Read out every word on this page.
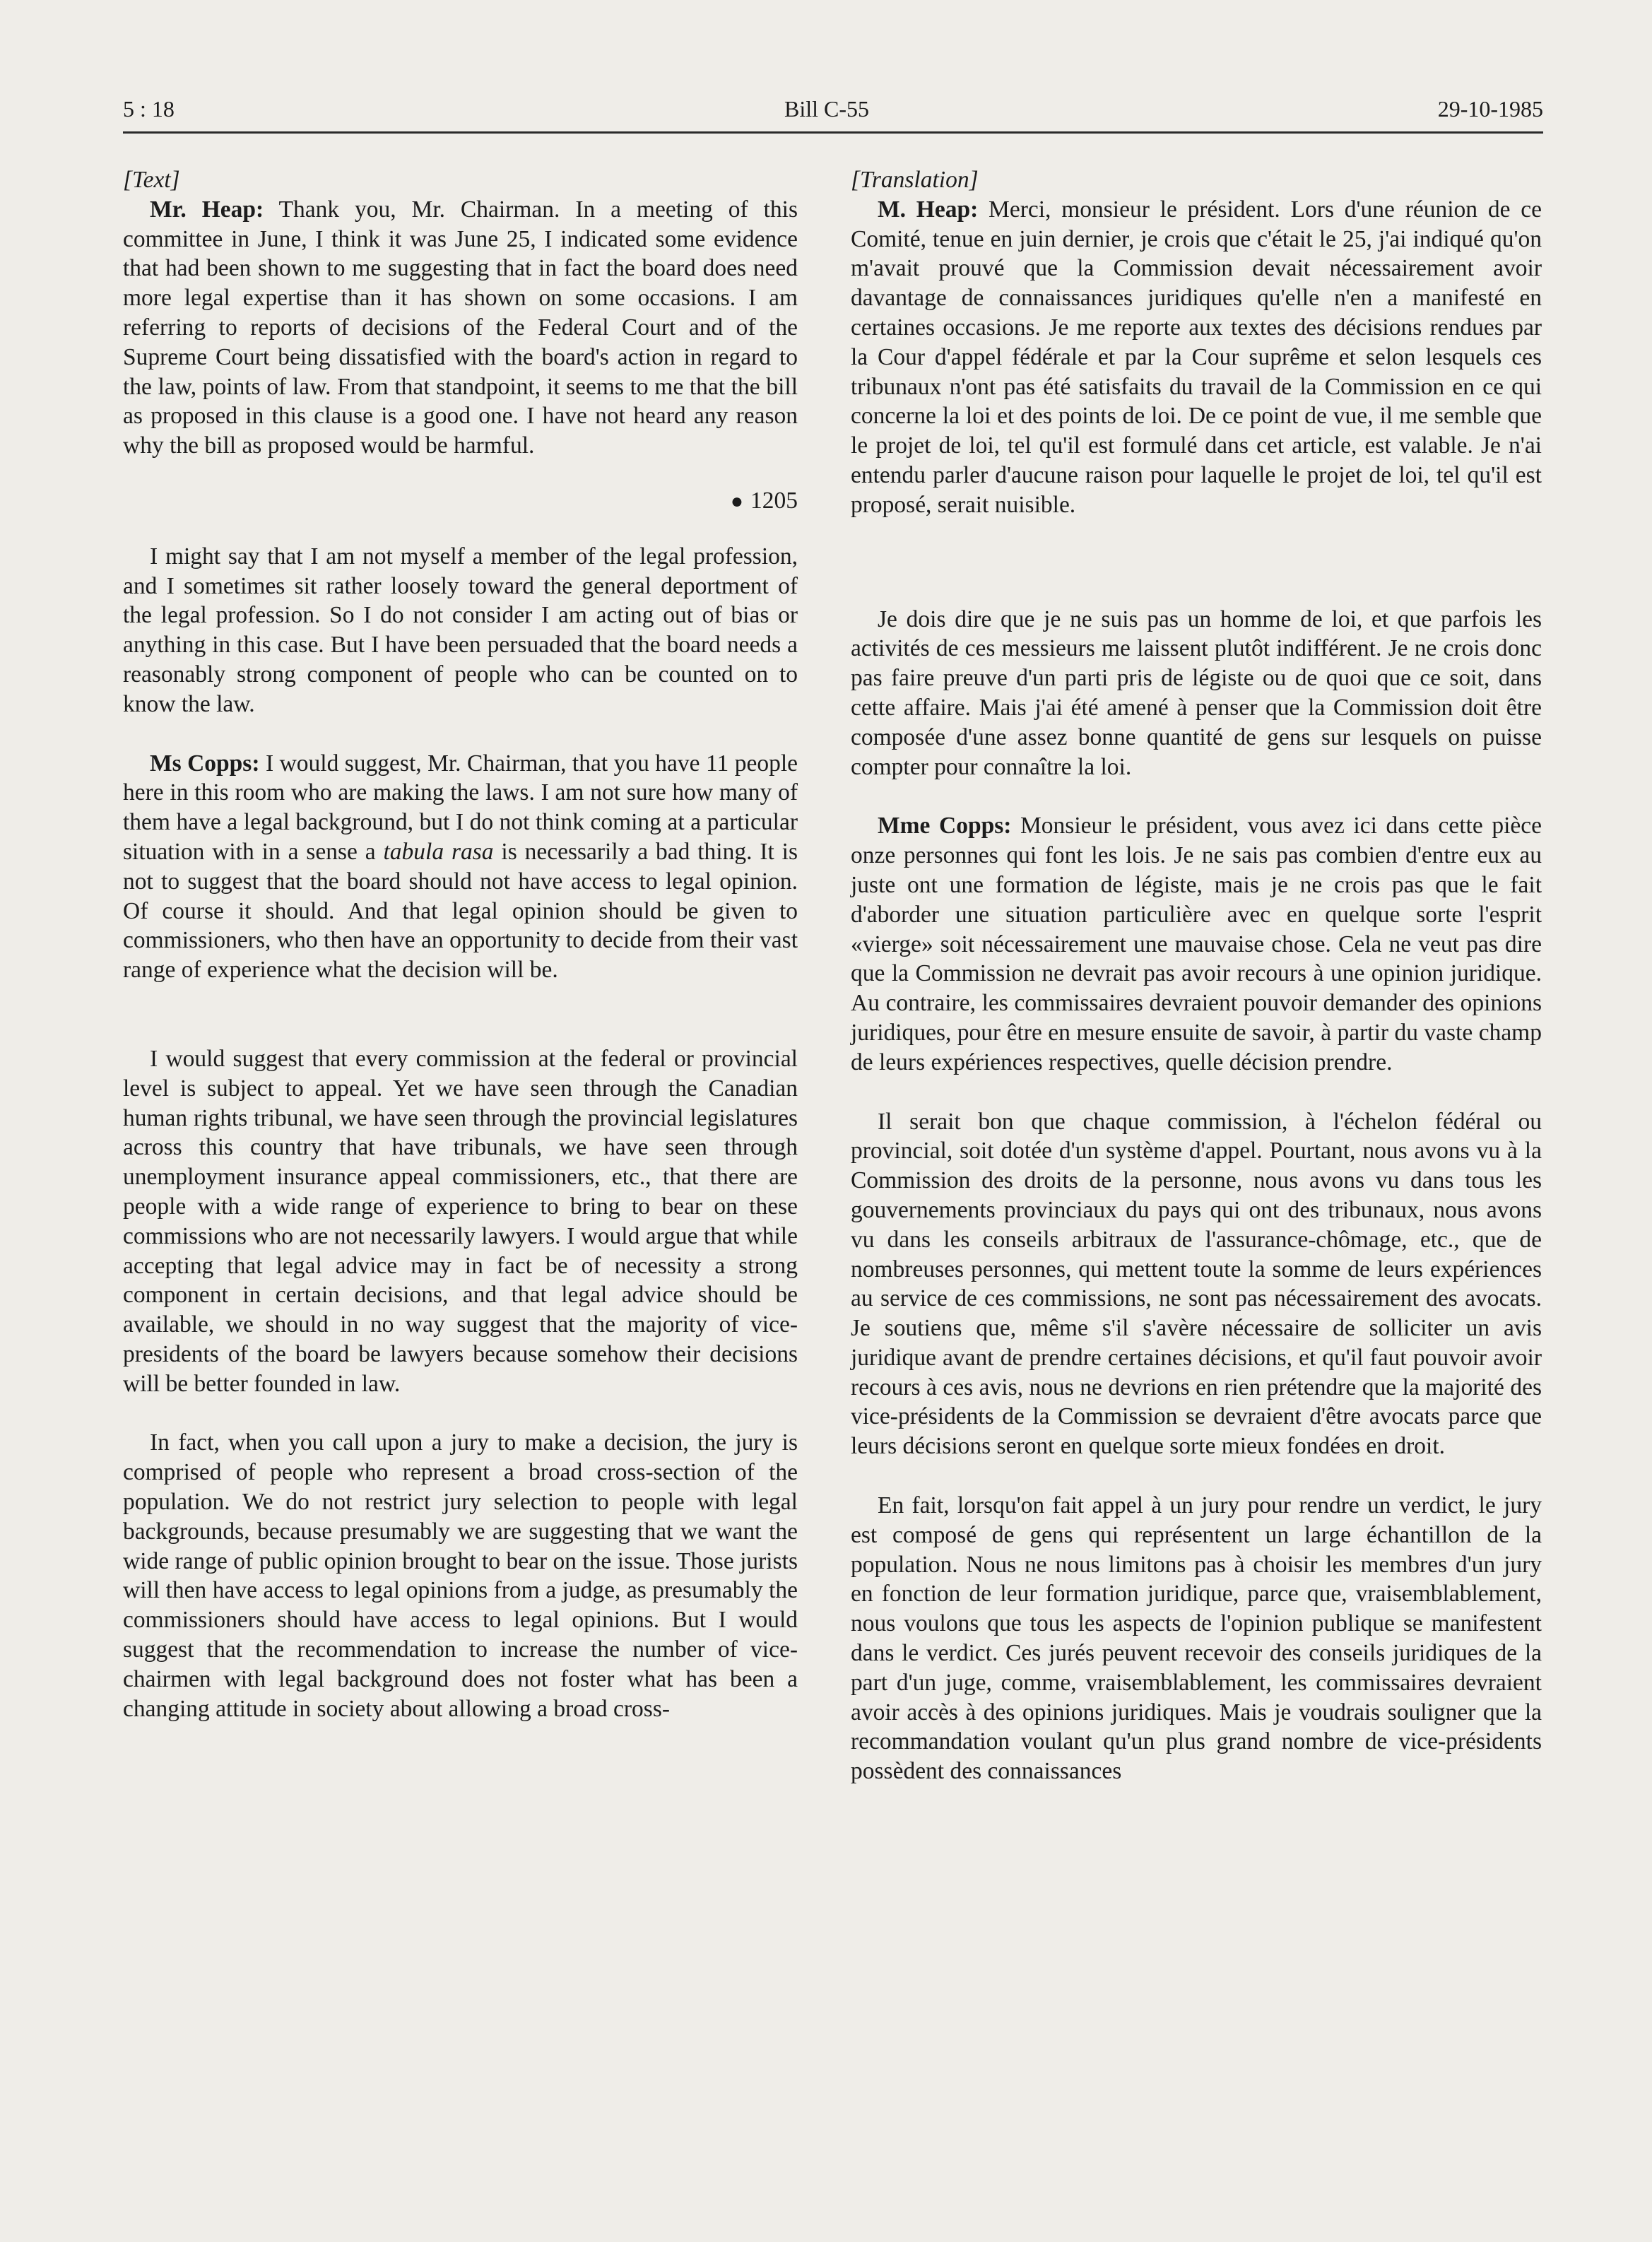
5 : 18	Bill C-55	29-10-1985

[Text]

Mr. Heap: Thank you, Mr. Chairman. In a meeting of this committee in June, I think it was June 25, I indicated some evidence that had been shown to me suggesting that in fact the board does need more legal expertise than it has shown on some occasions. I am referring to reports of decisions of the Federal Court and of the Supreme Court being dissatisfied with the board's action in regard to the law, points of law. From that standpoint, it seems to me that the bill as proposed in this clause is a good one. I have not heard any reason why the bill as proposed would be harmful.

● 1205

I might say that I am not myself a member of the legal profession, and I sometimes sit rather loosely toward the general deportment of the legal profession. So I do not consider I am acting out of bias or anything in this case. But I have been persuaded that the board needs a reasonably strong component of people who can be counted on to know the law.

Ms Copps: I would suggest, Mr. Chairman, that you have 11 people here in this room who are making the laws. I am not sure how many of them have a legal background, but I do not think coming at a particular situation with in a sense a tabula rasa is necessarily a bad thing. It is not to suggest that the board should not have access to legal opinion. Of course it should. And that legal opinion should be given to commissioners, who then have an opportunity to decide from their vast range of experience what the decision will be.

I would suggest that every commission at the federal or provincial level is subject to appeal. Yet we have seen through the Canadian human rights tribunal, we have seen through the provincial legislatures across this country that have tribunals, we have seen through unemployment insurance appeal commissioners, etc., that there are people with a wide range of experience to bring to bear on these commissions who are not necessarily lawyers. I would argue that while accepting that legal advice may in fact be of necessity a strong component in certain decisions, and that legal advice should be available, we should in no way suggest that the majority of vice-presidents of the board be lawyers because somehow their decisions will be better founded in law.

In fact, when you call upon a jury to make a decision, the jury is comprised of people who represent a broad cross-section of the population. We do not restrict jury selection to people with legal backgrounds, because presumably we are suggesting that we want the wide range of public opinion brought to bear on the issue. Those jurists will then have access to legal opinions from a judge, as presumably the commissioners should have access to legal opinions. But I would suggest that the recommendation to increase the number of vice-chairmen with legal background does not foster what has been a changing attitude in society about allowing a broad cross-

[Translation]

M. Heap: Merci, monsieur le président. Lors d'une réunion de ce Comité, tenue en juin dernier, je crois que c'était le 25, j'ai indiqué qu'on m'avait prouvé que la Commission devait nécessairement avoir davantage de connaissances juridiques qu'elle n'en a manifesté en certaines occasions. Je me reporte aux textes des décisions rendues par la Cour d'appel fédérale et par la Cour suprême et selon lesquels ces tribunaux n'ont pas été satisfaits du travail de la Commission en ce qui concerne la loi et des points de loi. De ce point de vue, il me semble que le projet de loi, tel qu'il est formulé dans cet article, est valable. Je n'ai entendu parler d'aucune raison pour laquelle le projet de loi, tel qu'il est proposé, serait nuisible.

Je dois dire que je ne suis pas un homme de loi, et que parfois les activités de ces messieurs me laissent plutôt indifférent. Je ne crois donc pas faire preuve d'un parti pris de légiste ou de quoi que ce soit, dans cette affaire. Mais j'ai été amené à penser que la Commission doit être composée d'une assez bonne quantité de gens sur lesquels on puisse compter pour connaître la loi.

Mme Copps: Monsieur le président, vous avez ici dans cette pièce onze personnes qui font les lois. Je ne sais pas combien d'entre eux au juste ont une formation de légiste, mais je ne crois pas que le fait d'aborder une situation particulière avec en quelque sorte l'esprit «vierge» soit nécessairement une mauvaise chose. Cela ne veut pas dire que la Commission ne devrait pas avoir recours à une opinion juridique. Au contraire, les commissaires devraient pouvoir demander des opinions juridiques, pour être en mesure ensuite de savoir, à partir du vaste champ de leurs expériences respectives, quelle décision prendre.

Il serait bon que chaque commission, à l'échelon fédéral ou provincial, soit dotée d'un système d'appel. Pourtant, nous avons vu à la Commission des droits de la personne, nous avons vu dans tous les gouvernements provinciaux du pays qui ont des tribunaux, nous avons vu dans les conseils arbitraux de l'assurance-chômage, etc., que de nombreuses personnes, qui mettent toute la somme de leurs expériences au service de ces commissions, ne sont pas nécessairement des avocats. Je soutiens que, même s'il s'avère nécessaire de solliciter un avis juridique avant de prendre certaines décisions, et qu'il faut pouvoir avoir recours à ces avis, nous ne devrions en rien prétendre que la majorité des vice-présidents de la Commission se devraient d'être avocats parce que leurs décisions seront en quelque sorte mieux fondées en droit.

En fait, lorsqu'on fait appel à un jury pour rendre un verdict, le jury est composé de gens qui représentent un large échantillon de la population. Nous ne nous limitons pas à choisir les membres d'un jury en fonction de leur formation juridique, parce que, vraisemblablement, nous voulons que tous les aspects de l'opinion publique se manifestent dans le verdict. Ces jurés peuvent recevoir des conseils juridiques de la part d'un juge, comme, vraisemblablement, les commissaires devraient avoir accès à des opinions juridiques. Mais je voudrais souligner que la recommandation voulant qu'un plus grand nombre de vice-présidents possèdent des connaissances
